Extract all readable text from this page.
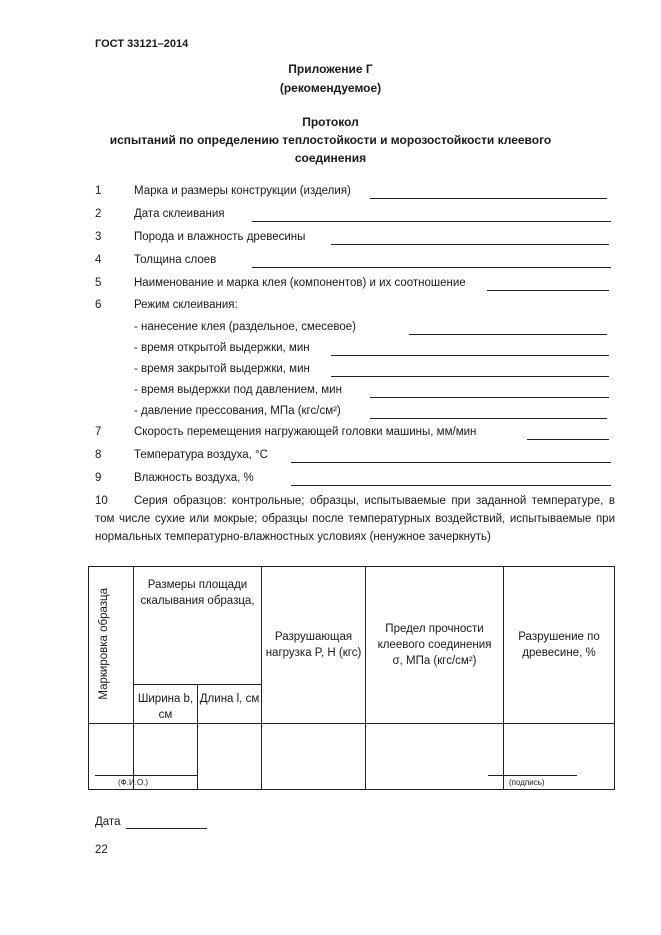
ГОСТ 33121–2014
Приложение Г
(рекомендуемое)
Протокол
испытаний по определению теплостойкости и морозостойкости клеевого
соединения
1	Марка и размеры конструкции (изделия)
2	Дата склеивания
3	Порода и влажность древесины
4	Толщина слоев
5	Наименование и марка клея (компонентов) и их соотношение
6	Режим склеивания:
- нанесение клея (раздельное, смесевое)
- время открытой выдержки, мин
- время закрытой выдержки, мин
- время выдержки под давлением, мин
- давление прессования, МПа (кгс/см²)
7	Скорость перемещения нагружающей головки машины, мм/мин
8	Температура воздуха, °С
9	Влажность воздуха, %
10 Серия образцов: контрольные; образцы, испытываемые при заданной температуре, в том числе сухие или мокрые; образцы после температурных воздействий, испытываемые при нормальных температурно-влажностных условиях (ненужное зачеркнуть)
Маркировка образца	Размеры площади скалывания образца,		Разрушающая нагрузка P, Н (кгс)	Предел прочности клеевого соединения σ, МПа (кгс/см²)	Разрушение по древесине, %
	Ширина b, см	Длина l, см			

(Ф.И.О.)	(подпись)
Дата
22
